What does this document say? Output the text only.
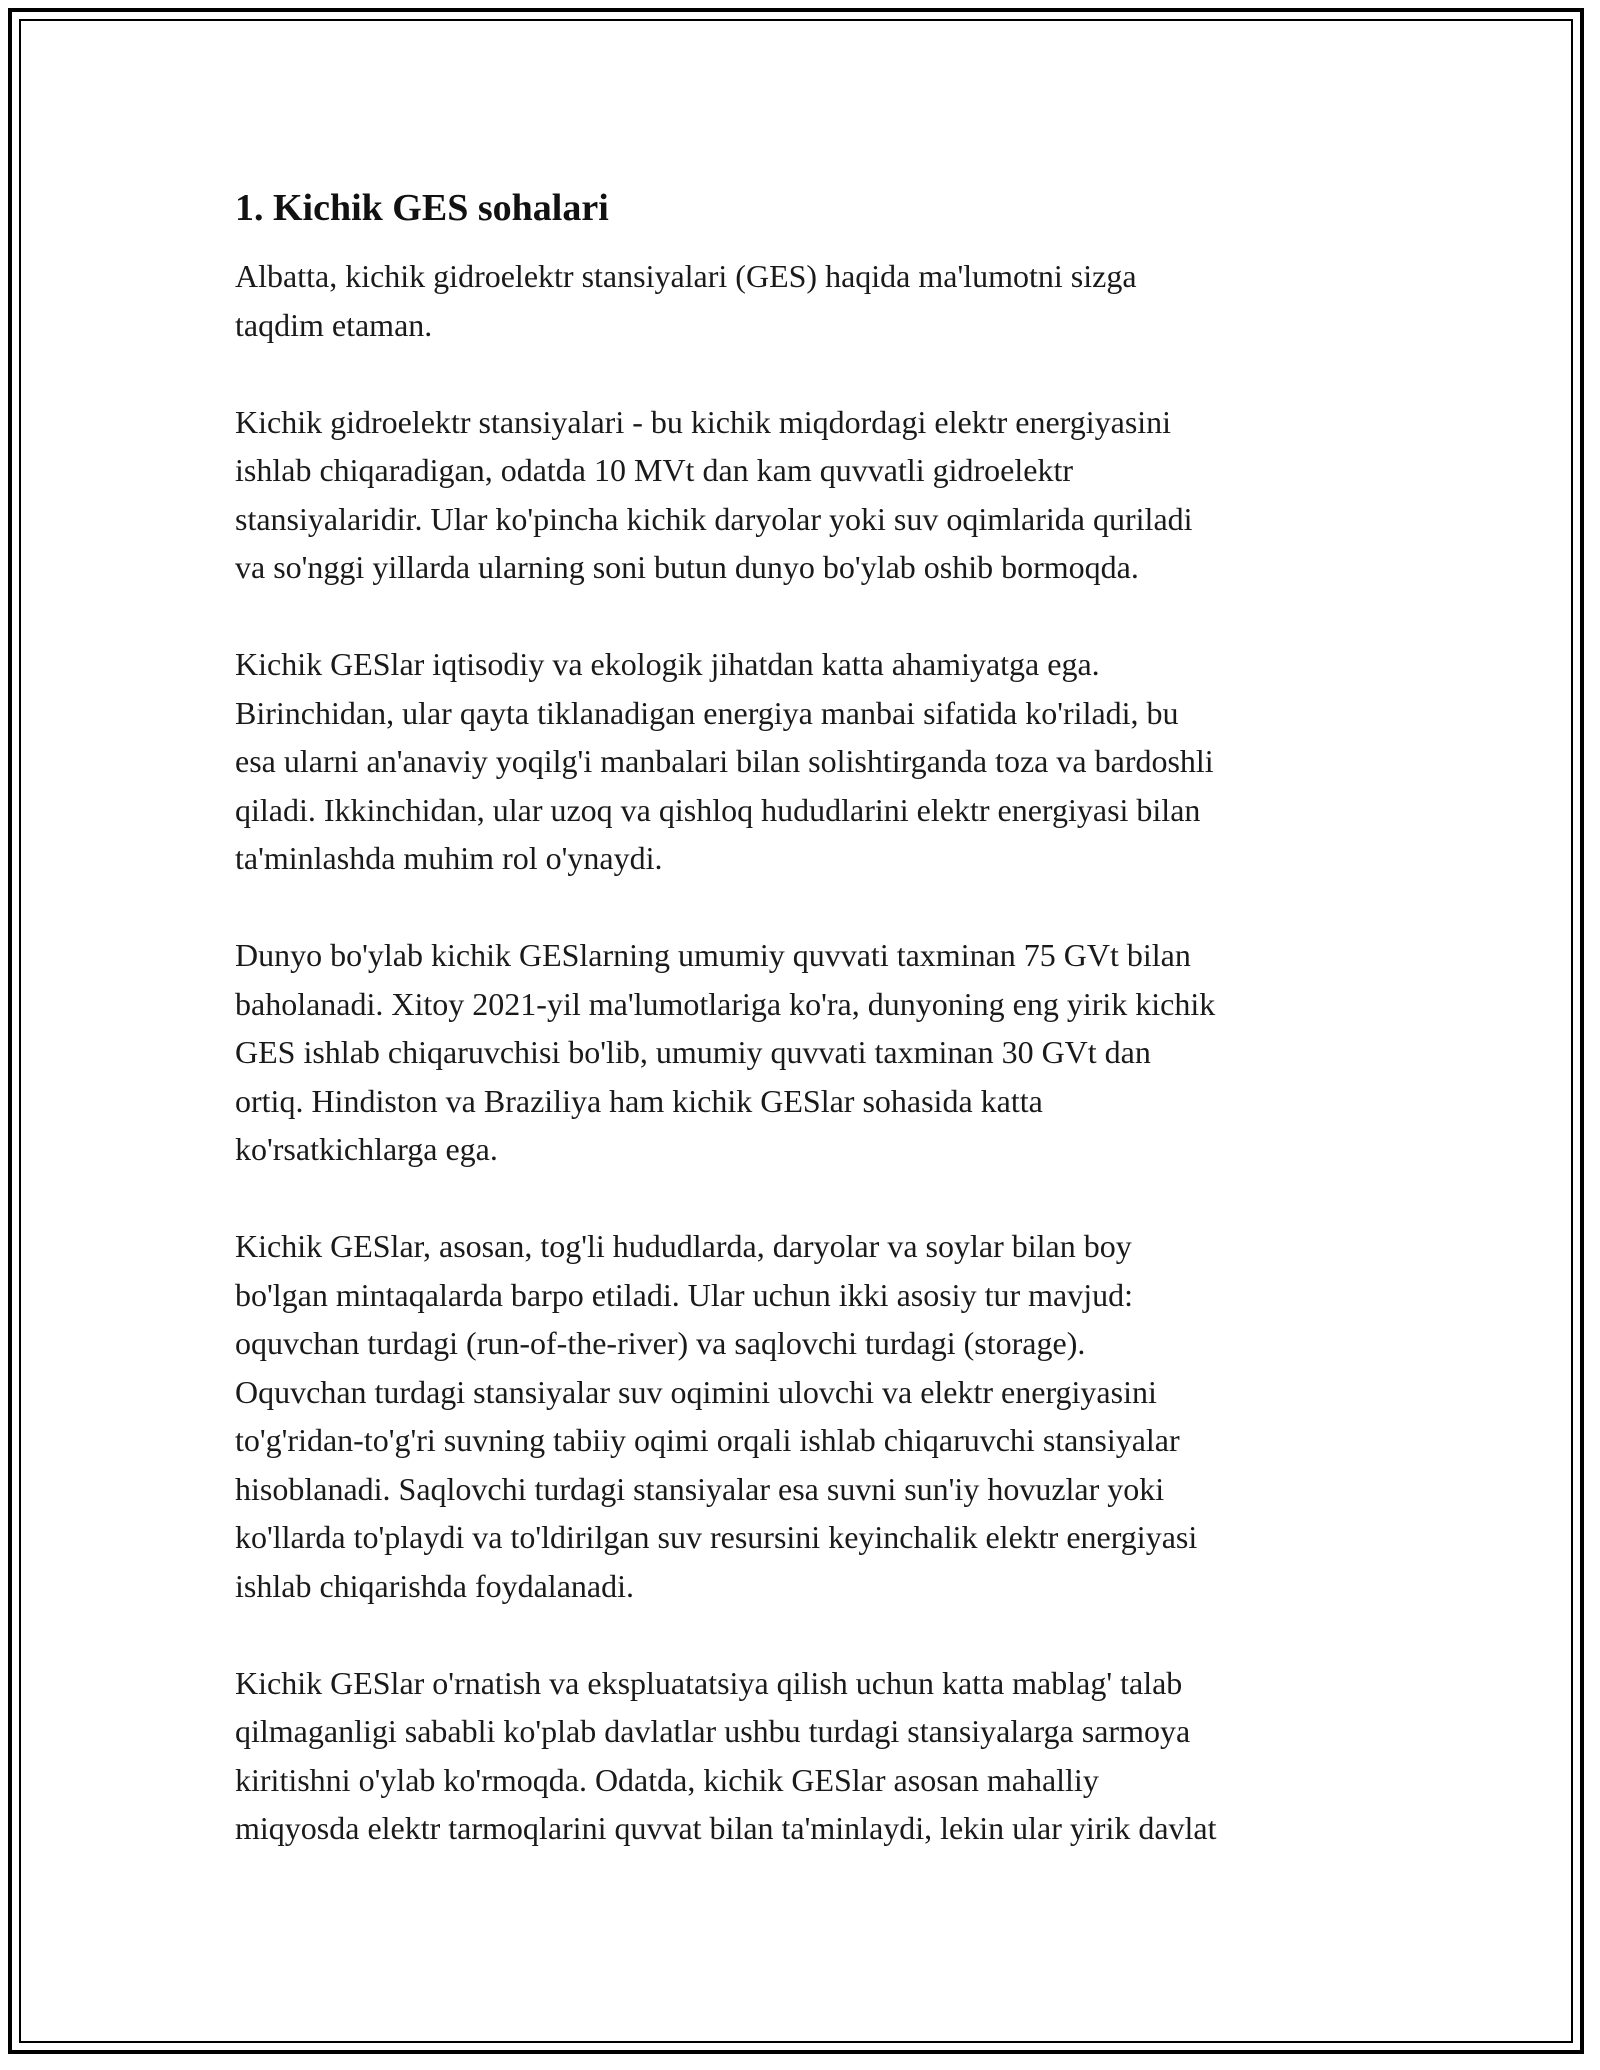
1. Kichik GES sohalari

Albatta, kichik gidroelektr stansiyalari (GES) haqida ma'lumotni sizga
taqdim etaman.

Kichik gidroelektr stansiyalari - bu kichik miqdordagi elektr energiyasini
ishlab chiqaradigan, odatda 10 MVt dan kam quvvatli gidroelektr
stansiyalaridir. Ular ko'pincha kichik daryolar yoki suv oqimlarida quriladi
va so'nggi yillarda ularning soni butun dunyo bo'ylab oshib bormoqda.

Kichik GESlar iqtisodiy va ekologik jihatdan katta ahamiyatga ega.
Birinchidan, ular qayta tiklanadigan energiya manbai sifatida ko'riladi, bu
esa ularni an'anaviy yoqilg'i manbalari bilan solishtirganda toza va bardoshli
qiladi. Ikkinchidan, ular uzoq va qishloq hududlarini elektr energiyasi bilan
ta'minlashda muhim rol o'ynaydi.

Dunyo bo'ylab kichik GESlarning umumiy quvvati taxminan 75 GVt bilan
baholanadi. Xitoy 2021-yil ma'lumotlariga ko'ra, dunyoning eng yirik kichik
GES ishlab chiqaruvchisi bo'lib, umumiy quvvati taxminan 30 GVt dan
ortiq. Hindiston va Braziliya ham kichik GESlar sohasida katta
ko'rsatkichlarga ega.

Kichik GESlar, asosan, tog'li hududlarda, daryolar va soylar bilan boy
bo'lgan mintaqalarda barpo etiladi. Ular uchun ikki asosiy tur mavjud:
oquvchan turdagi (run-of-the-river) va saqlovchi turdagi (storage).
Oquvchan turdagi stansiyalar suv oqimini ulovchi va elektr energiyasini
to'g'ridan-to'g'ri suvning tabiiy oqimi orqali ishlab chiqaruvchi stansiyalar
hisoblanadi. Saqlovchi turdagi stansiyalar esa suvni sun'iy hovuzlar yoki
ko'llarda to'playdi va to'ldirilgan suv resursini keyinchalik elektr energiyasi
ishlab chiqarishda foydalanadi.

Kichik GESlar o'rnatish va ekspluatatsiya qilish uchun katta mablag' talab
qilmaganligi sababli ko'plab davlatlar ushbu turdagi stansiyalarga sarmoya
kiritishni o'ylab ko'rmoqda. Odatda, kichik GESlar asosan mahalliy
miqyosda elektr tarmoqlarini quvvat bilan ta'minlaydi, lekin ular yirik davlat
